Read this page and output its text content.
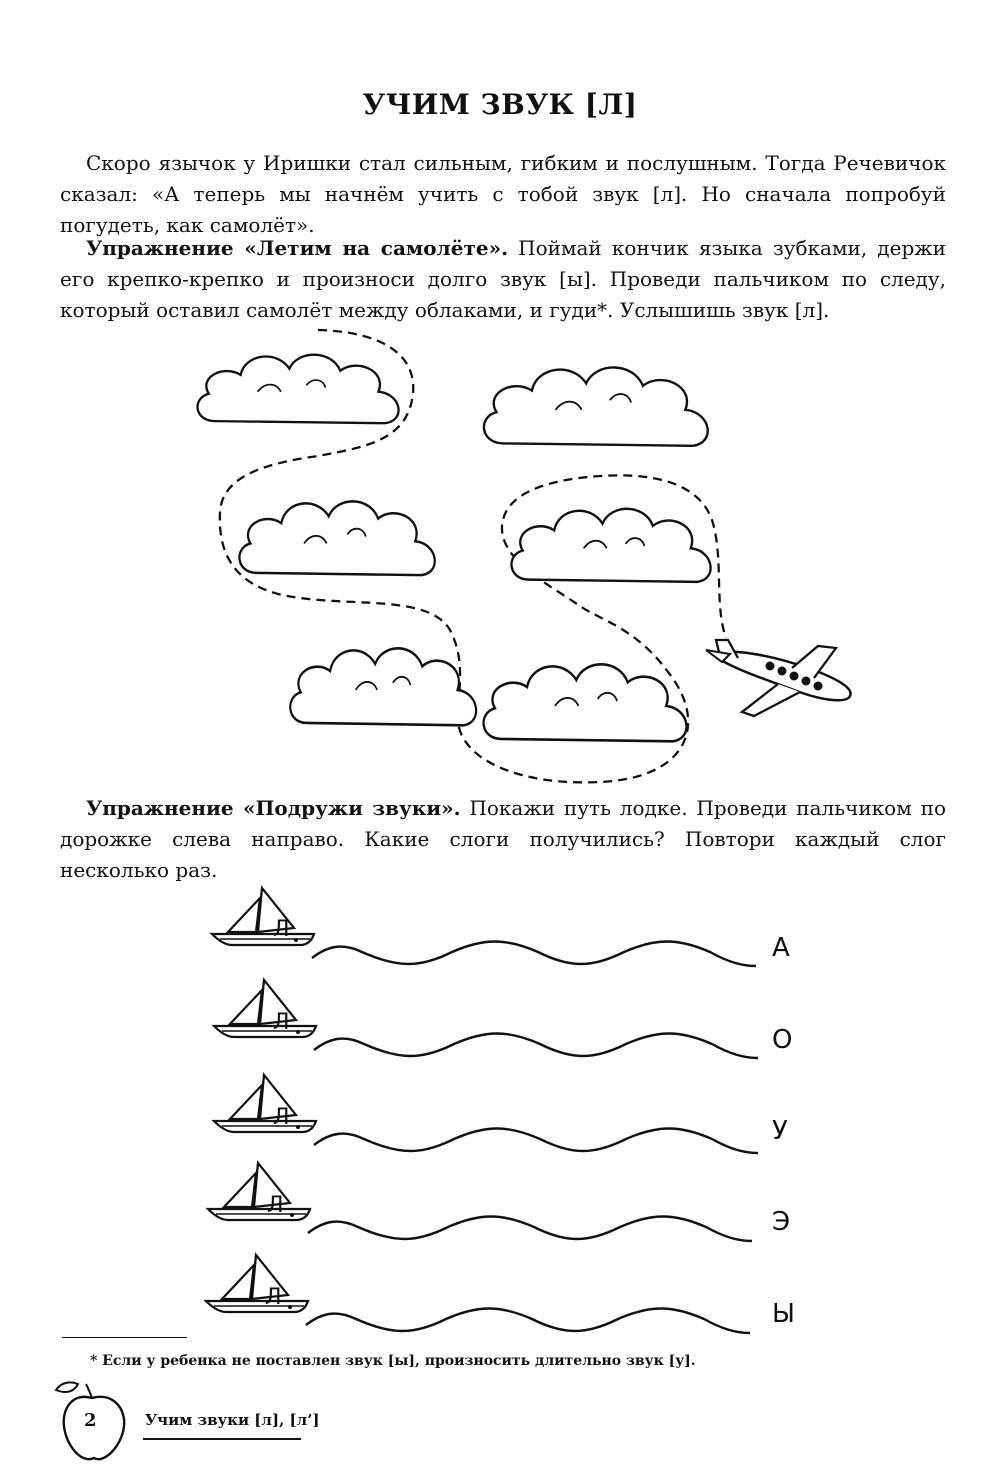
УЧИМ ЗВУК [Л]

Скоро язычок у Иришки стал сильным, гибким и послушным. Тогда Речевичок сказал: «А теперь мы начнём учить с тобой звук [л]. Но сначала попробуй погудеть, как самолёт».

Упражнение «Летим на самолёте». Поймай кончик языка зубками, держи его крепко-крепко и произноси долго звук [ы]. Проведи пальчиком по следу, который оставил самолёт между облаками, и гуди*. Услышишь звук [л].

Упражнение «Подружи звуки». Покажи путь лодке. Проведи пальчиком по дорожке слева направо. Какие слоги получились? Повтори каждый слог несколько раз.

Л
Л
Л
Л
Л
А
О
У
Э
Ы
* Если у ребенка не поставлен звук [ы], произносить длительно звук [у].
2	Учим звуки [л], [л’]
